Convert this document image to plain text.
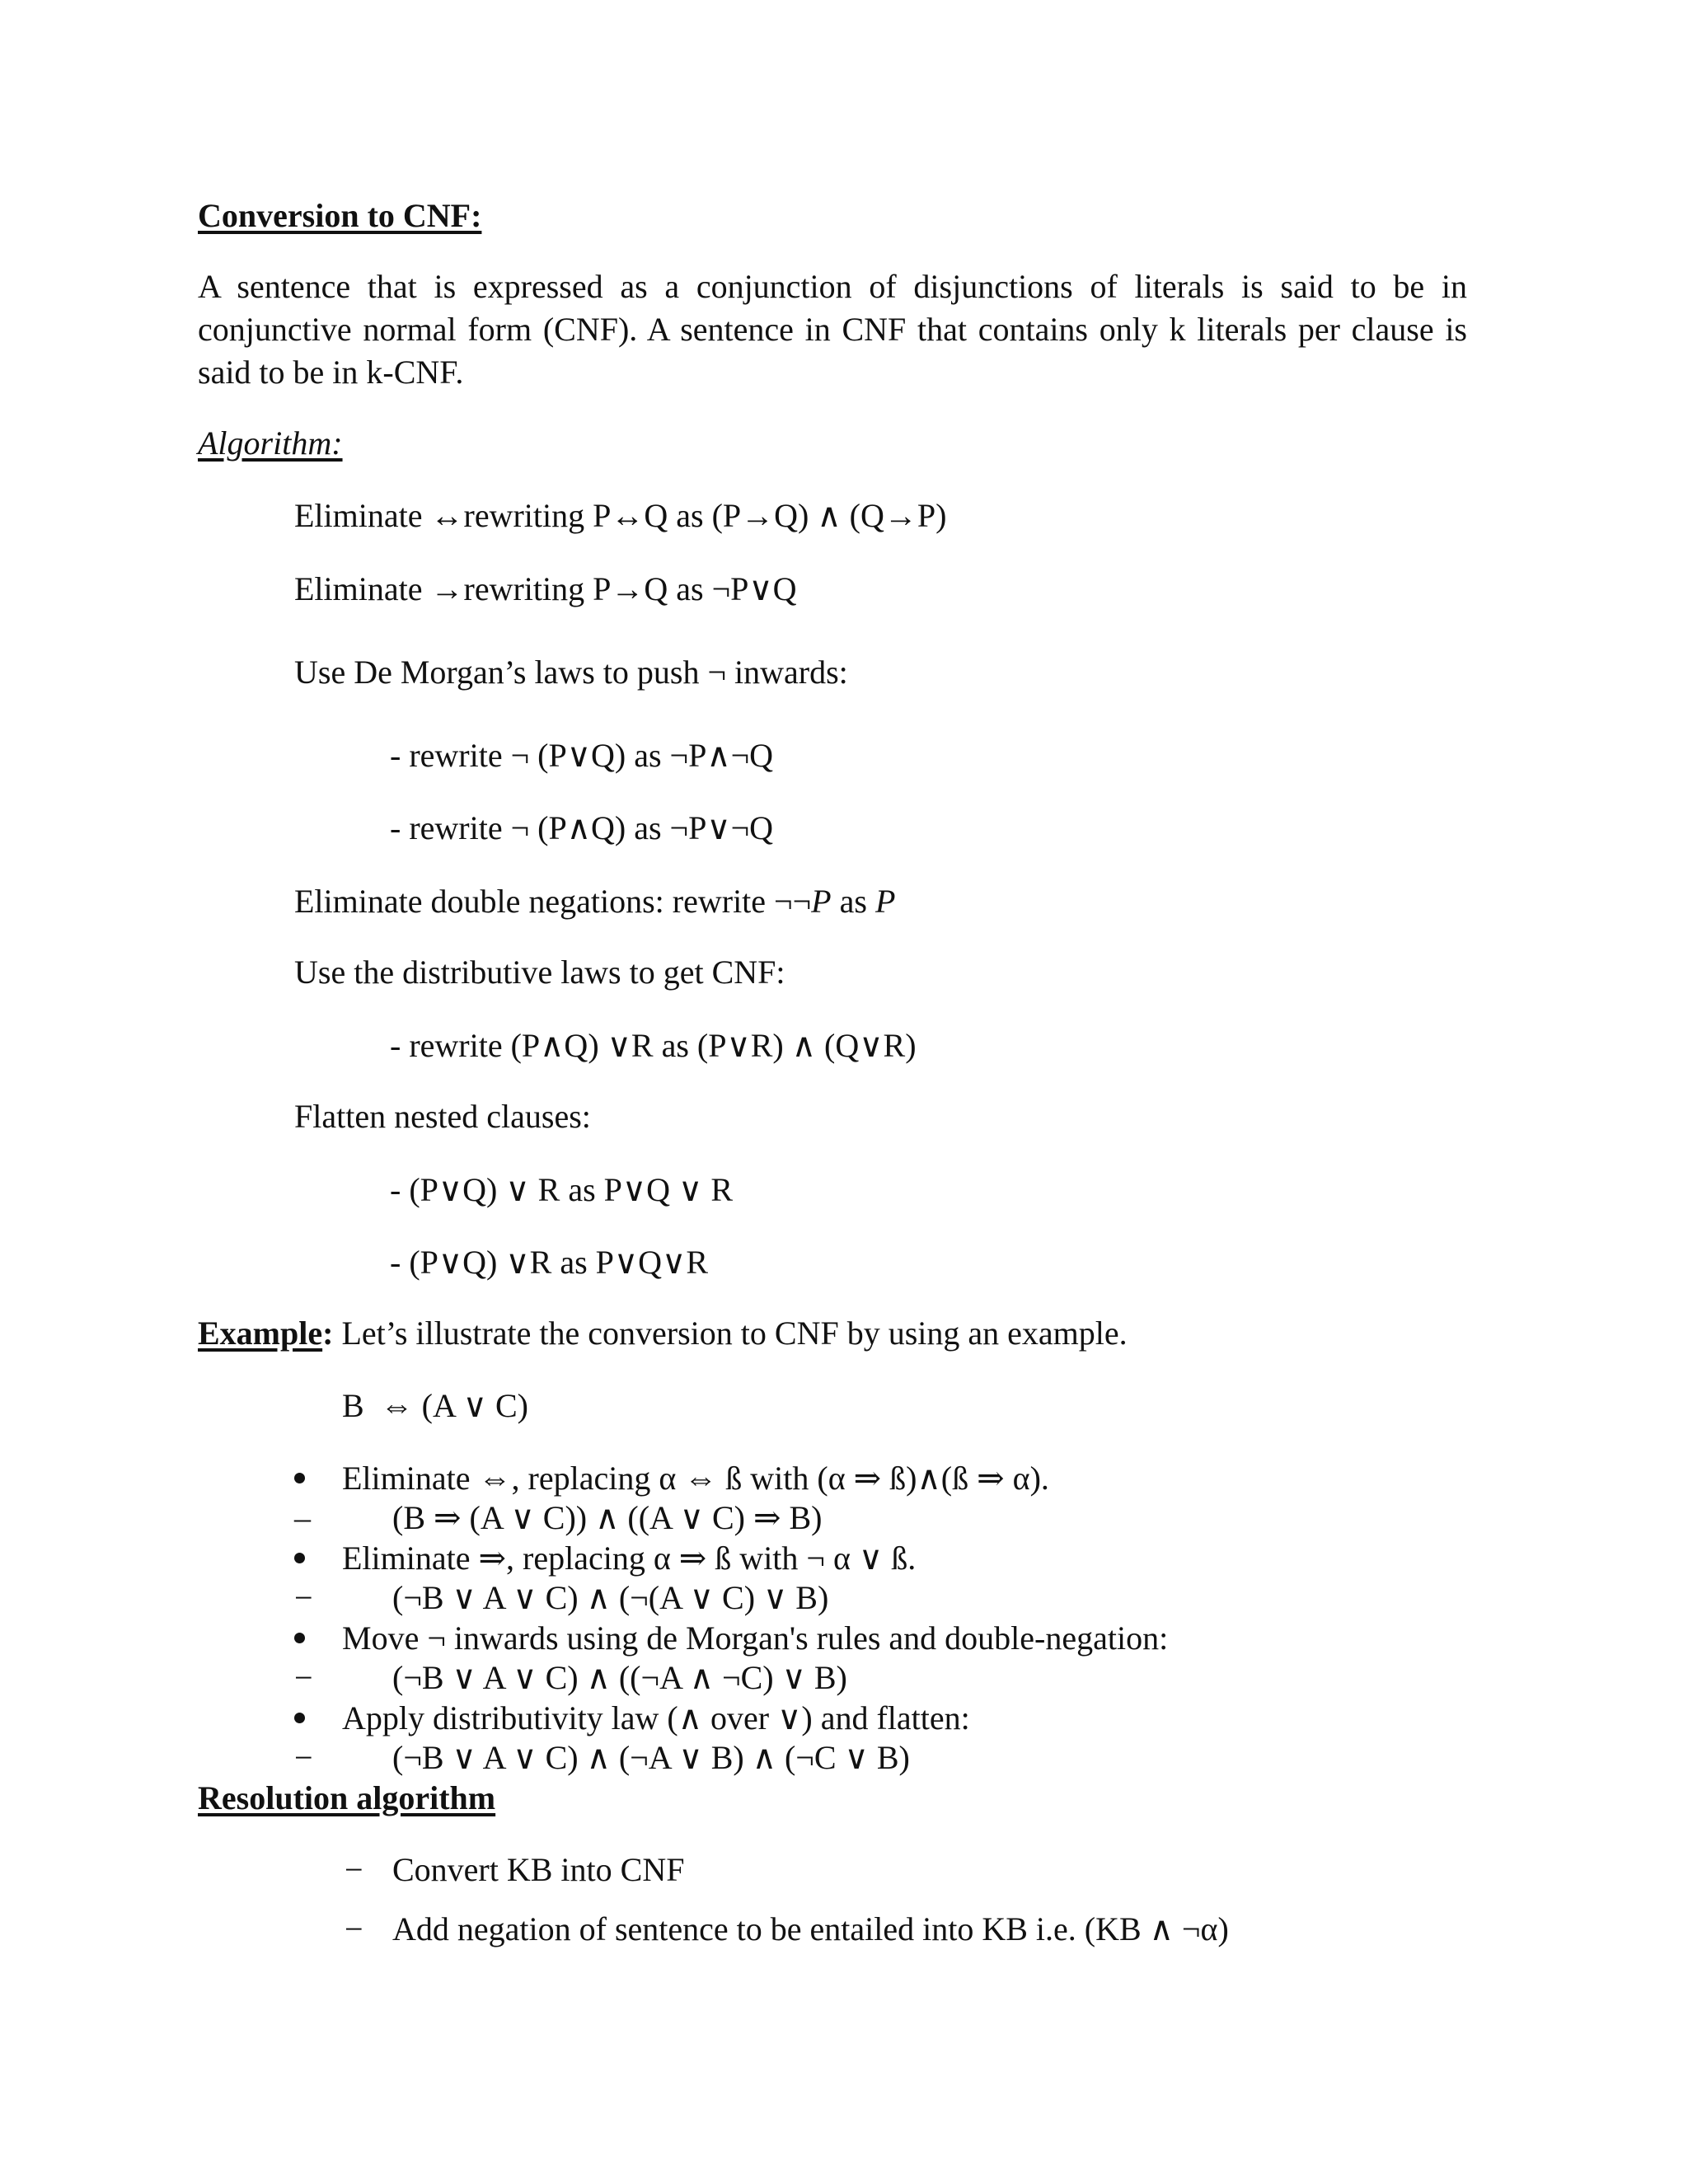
Conversion to CNF:
A sentence that is expressed as a conjunction of disjunctions of literals is said to be in conjunctive normal form (CNF). A sentence in CNF that contains only k literals per clause is said to be in k-CNF.
Algorithm:
Eliminate ↔rewriting P↔Q as (P→Q) ∧ (Q→P)
Eliminate →rewriting P→Q as ¬P∨Q
Use De Morgan’s laws to push ¬ inwards:
- rewrite ¬ (P∨Q) as ¬P∧¬Q
- rewrite ¬ (P∧Q) as ¬P∨¬Q
Eliminate double negations: rewrite ¬¬P as P
Use the distributive laws to get CNF:
- rewrite (P∧Q) ∨R as (P∨R) ∧ (Q∨R)
Flatten nested clauses:
- (P∨Q) ∨ R as P∨Q ∨ R
- (P∨Q) ∨R as P∨Q∨R
Example: Let’s illustrate the conversion to CNF by using an example.
B  ⇔ (A ∨ C)
Eliminate ⇔, replacing α ⇔ ß with (α ⇒ ß)∧(ß ⇒ α).
– (B ⇒ (A ∨ C)) ∧ ((A ∨ C) ⇒ B)
Eliminate ⇒, replacing α ⇒ ß with ¬ α ∨ ß.
− (¬B ∨ A ∨ C) ∧ (¬(A ∨ C) ∨ B)
Move ¬ inwards using de Morgan's rules and double-negation:
− (¬B ∨ A ∨ C) ∧ ((¬A ∧ ¬C) ∨ B)
Apply distributivity law (∧ over ∨) and flatten:
− (¬B ∨ A ∨ C) ∧ (¬A ∨ B) ∧ (¬C ∨ B)
Resolution algorithm
− Convert KB into CNF
− Add negation of sentence to be entailed into KB i.e. (KB ∧ ¬α)
